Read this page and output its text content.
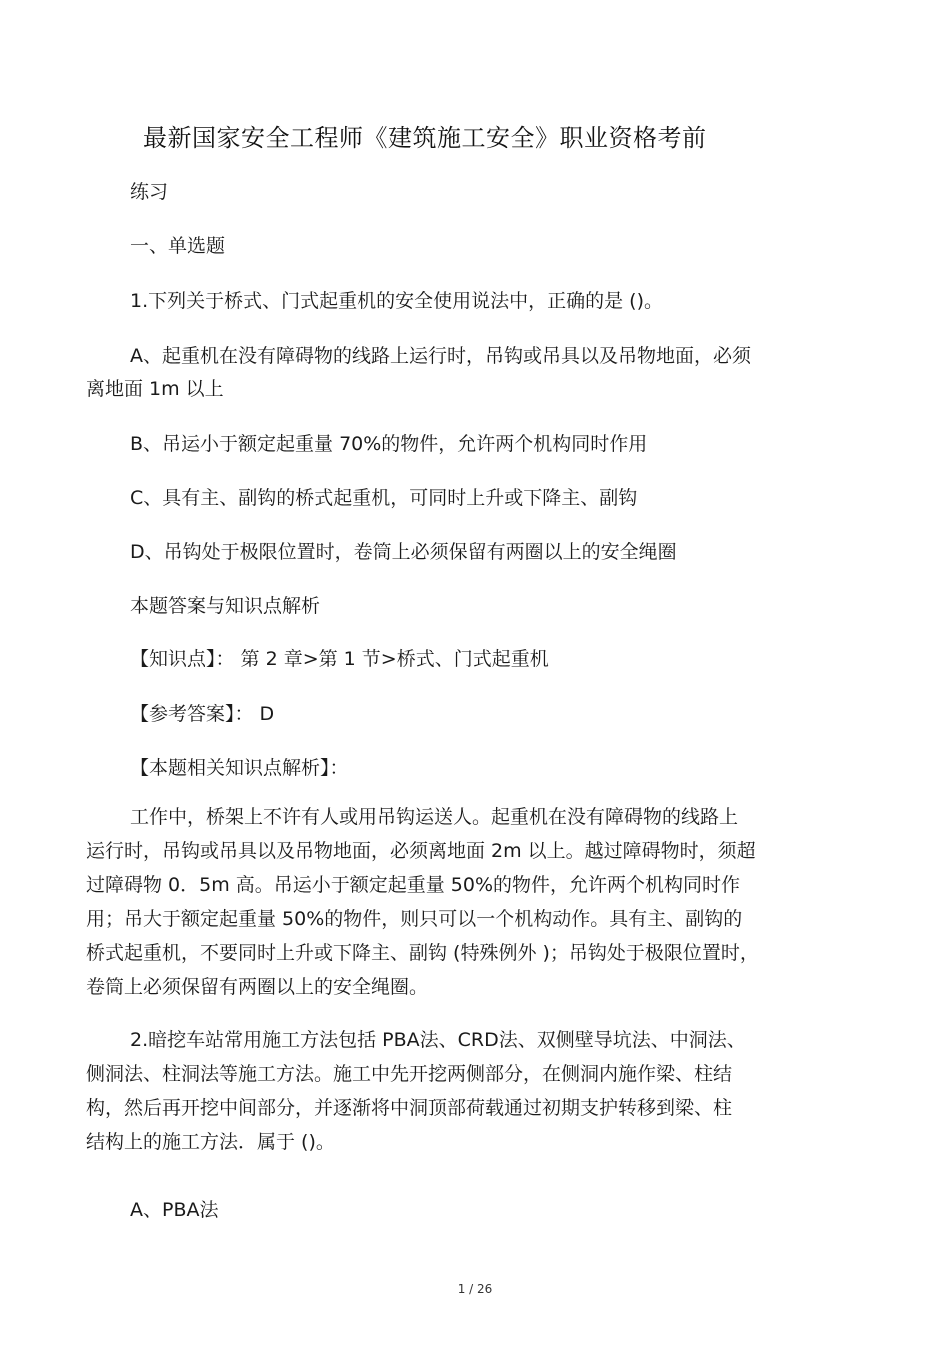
最新国家安全工程师《建筑施工安全》职业资格考前
练习
一、单选题
1.下列关于桥式、门式起重机的安全使用说法中，正确的是 ()。
A、起重机在没有障碍物的线路上运行时，吊钩或吊具以及吊物地面，必须
离地面 1m 以上
B、吊运小于额定起重量 70%的物件，允许两个机构同时作用
C、具有主、副钩的桥式起重机，可同时上升或下降主、副钩
D、吊钩处于极限位置时，卷筒上必须保留有两圈以上的安全绳圈
本题答案与知识点解析
【知识点】： 第 2 章>第 1 节>桥式、门式起重机
【参考答案】： D
【本题相关知识点解析】：
工作中，桥架上不许有人或用吊钩运送人。起重机在没有障碍物的线路上
运行时，吊钩或吊具以及吊物地面，必须离地面 2m 以上。越过障碍物时，须超
过障碍物 0．5m 高。吊运小于额定起重量 50%的物件，允许两个机构同时作
用；吊大于额定起重量 50%的物件，则只可以一个机构动作。具有主、副钩的
桥式起重机，不要同时上升或下降主、副钩 (特殊例外 )；吊钩处于极限位置时，
卷筒上必须保留有两圈以上的安全绳圈。
2.暗挖车站常用施工方法包括 PBA法、CRD法、双侧壁导坑法、中洞法、
侧洞法、柱洞法等施工方法。施工中先开挖两侧部分，在侧洞内施作梁、柱结
构，然后再开挖中间部分，并逐渐将中洞顶部荷载通过初期支护转移到梁、柱
结构上的施工方法．属于 ()。
A、PBA法
1 / 26
